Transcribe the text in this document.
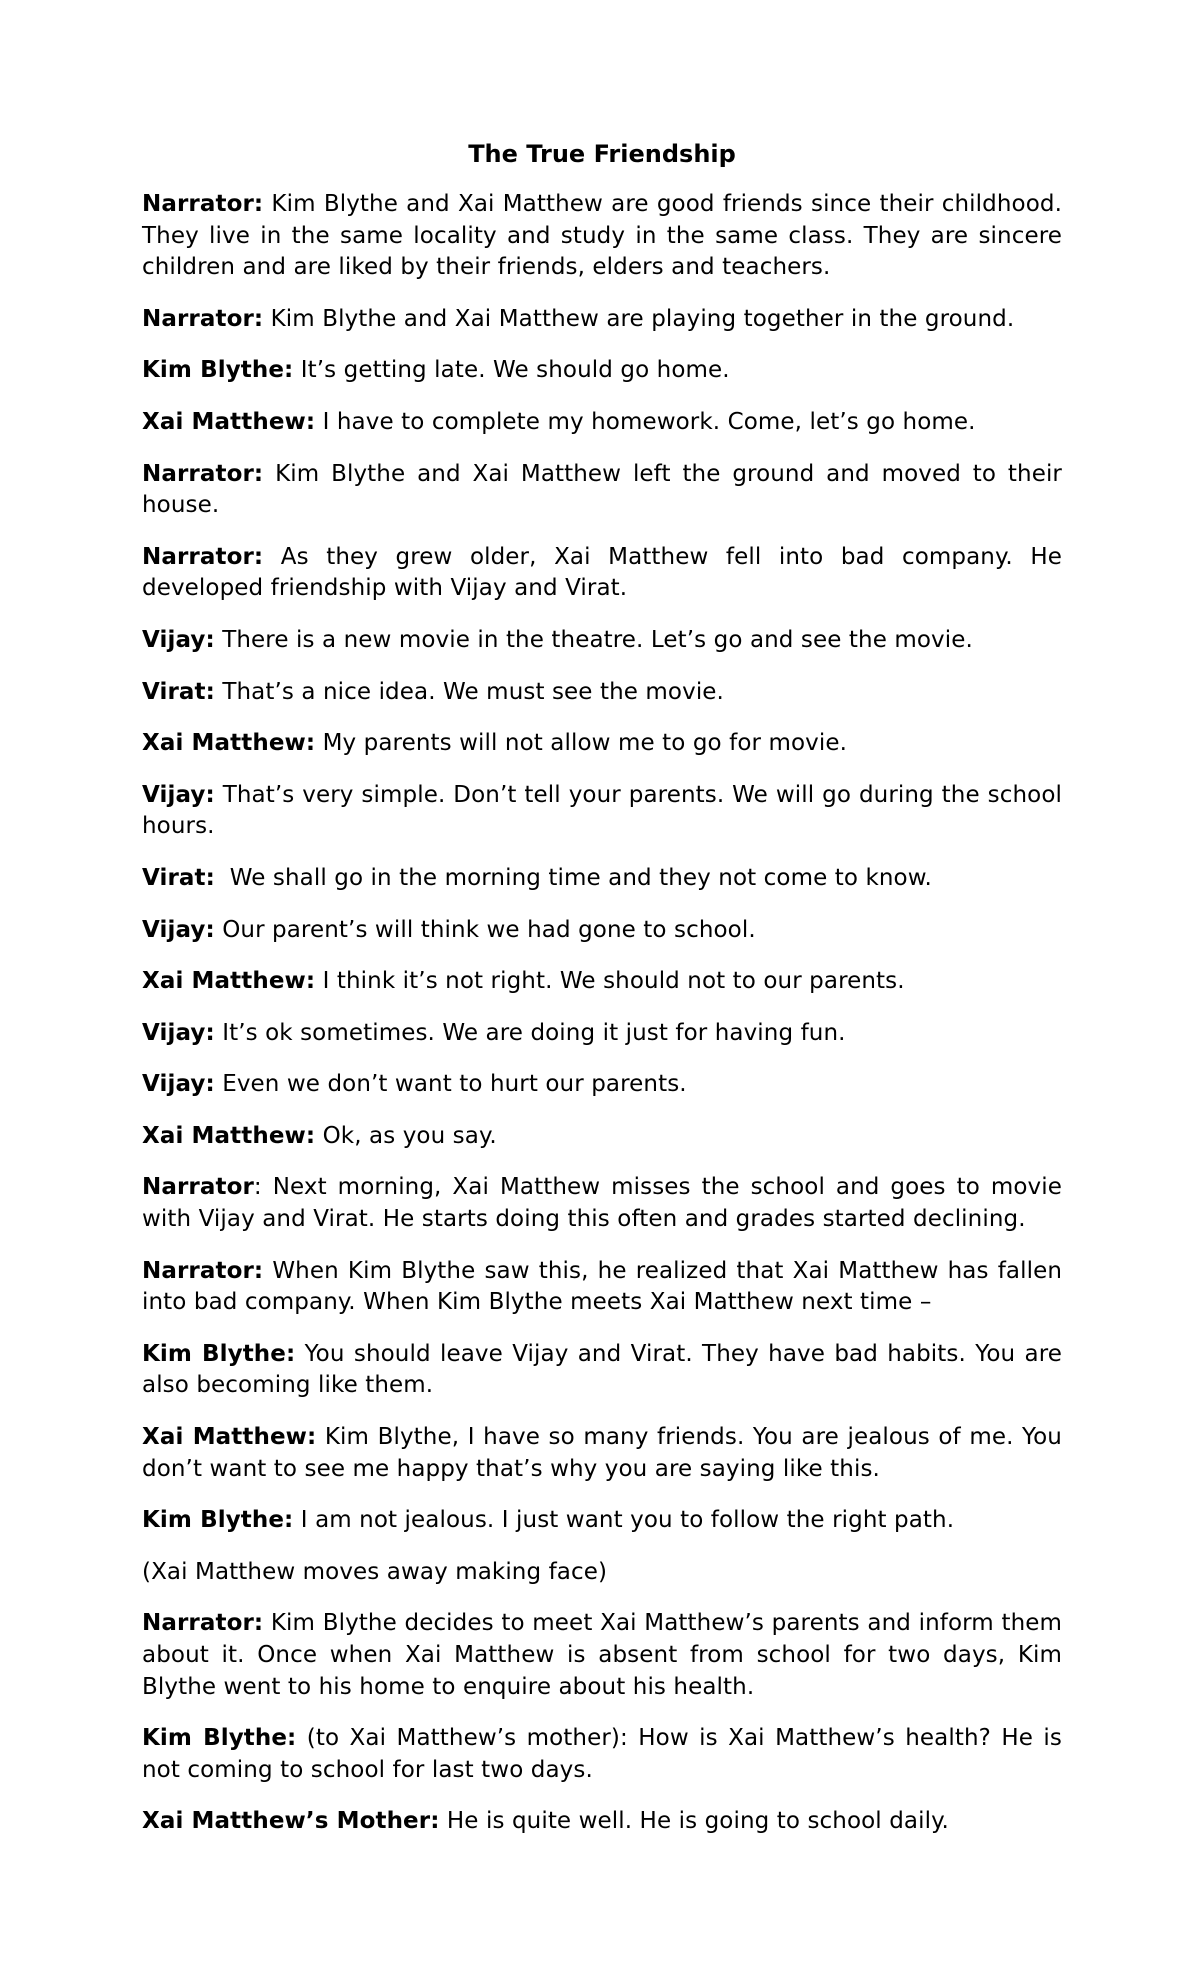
The True Friendship

Narrator: Kim Blythe and Xai Matthew are good friends since their childhood. They live in the same locality and study in the same class. They are sincere children and are liked by their friends, elders and teachers.

Narrator: Kim Blythe and Xai Matthew are playing together in the ground.

Kim Blythe: It’s getting late. We should go home.

Xai Matthew: I have to complete my homework. Come, let’s go home.

Narrator: Kim Blythe and Xai Matthew left the ground and moved to their house.

Narrator: As they grew older, Xai Matthew fell into bad company. He developed friendship with Vijay and Virat.

Vijay: There is a new movie in the theatre. Let’s go and see the movie.

Virat: That’s a nice idea. We must see the movie.

Xai Matthew: My parents will not allow me to go for movie.

Vijay: That’s very simple. Don’t tell your parents. We will go during the school hours.

Virat:  We shall go in the morning time and they not come to know.

Vijay: Our parent’s will think we had gone to school.

Xai Matthew: I think it’s not right. We should not to our parents.

Vijay: It’s ok sometimes. We are doing it just for having fun.

Vijay: Even we don’t want to hurt our parents.

Xai Matthew: Ok, as you say.

Narrator: Next morning, Xai Matthew misses the school and goes to movie with Vijay and Virat. He starts doing this often and grades started declining.

Narrator: When Kim Blythe saw this, he realized that Xai Matthew has fallen into bad company. When Kim Blythe meets Xai Matthew next time –

Kim Blythe: You should leave Vijay and Virat. They have bad habits. You are also becoming like them.

Xai Matthew: Kim Blythe, I have so many friends. You are jealous of me. You don’t want to see me happy that’s why you are saying like this.

Kim Blythe: I am not jealous. I just want you to follow the right path.

(Xai Matthew moves away making face)

Narrator: Kim Blythe decides to meet Xai Matthew’s parents and inform them about it. Once when Xai Matthew is absent from school for two days, Kim Blythe went to his home to enquire about his health.

Kim Blythe: (to Xai Matthew’s mother): How is Xai Matthew’s health? He is not coming to school for last two days.

Xai Matthew’s Mother: He is quite well. He is going to school daily.
